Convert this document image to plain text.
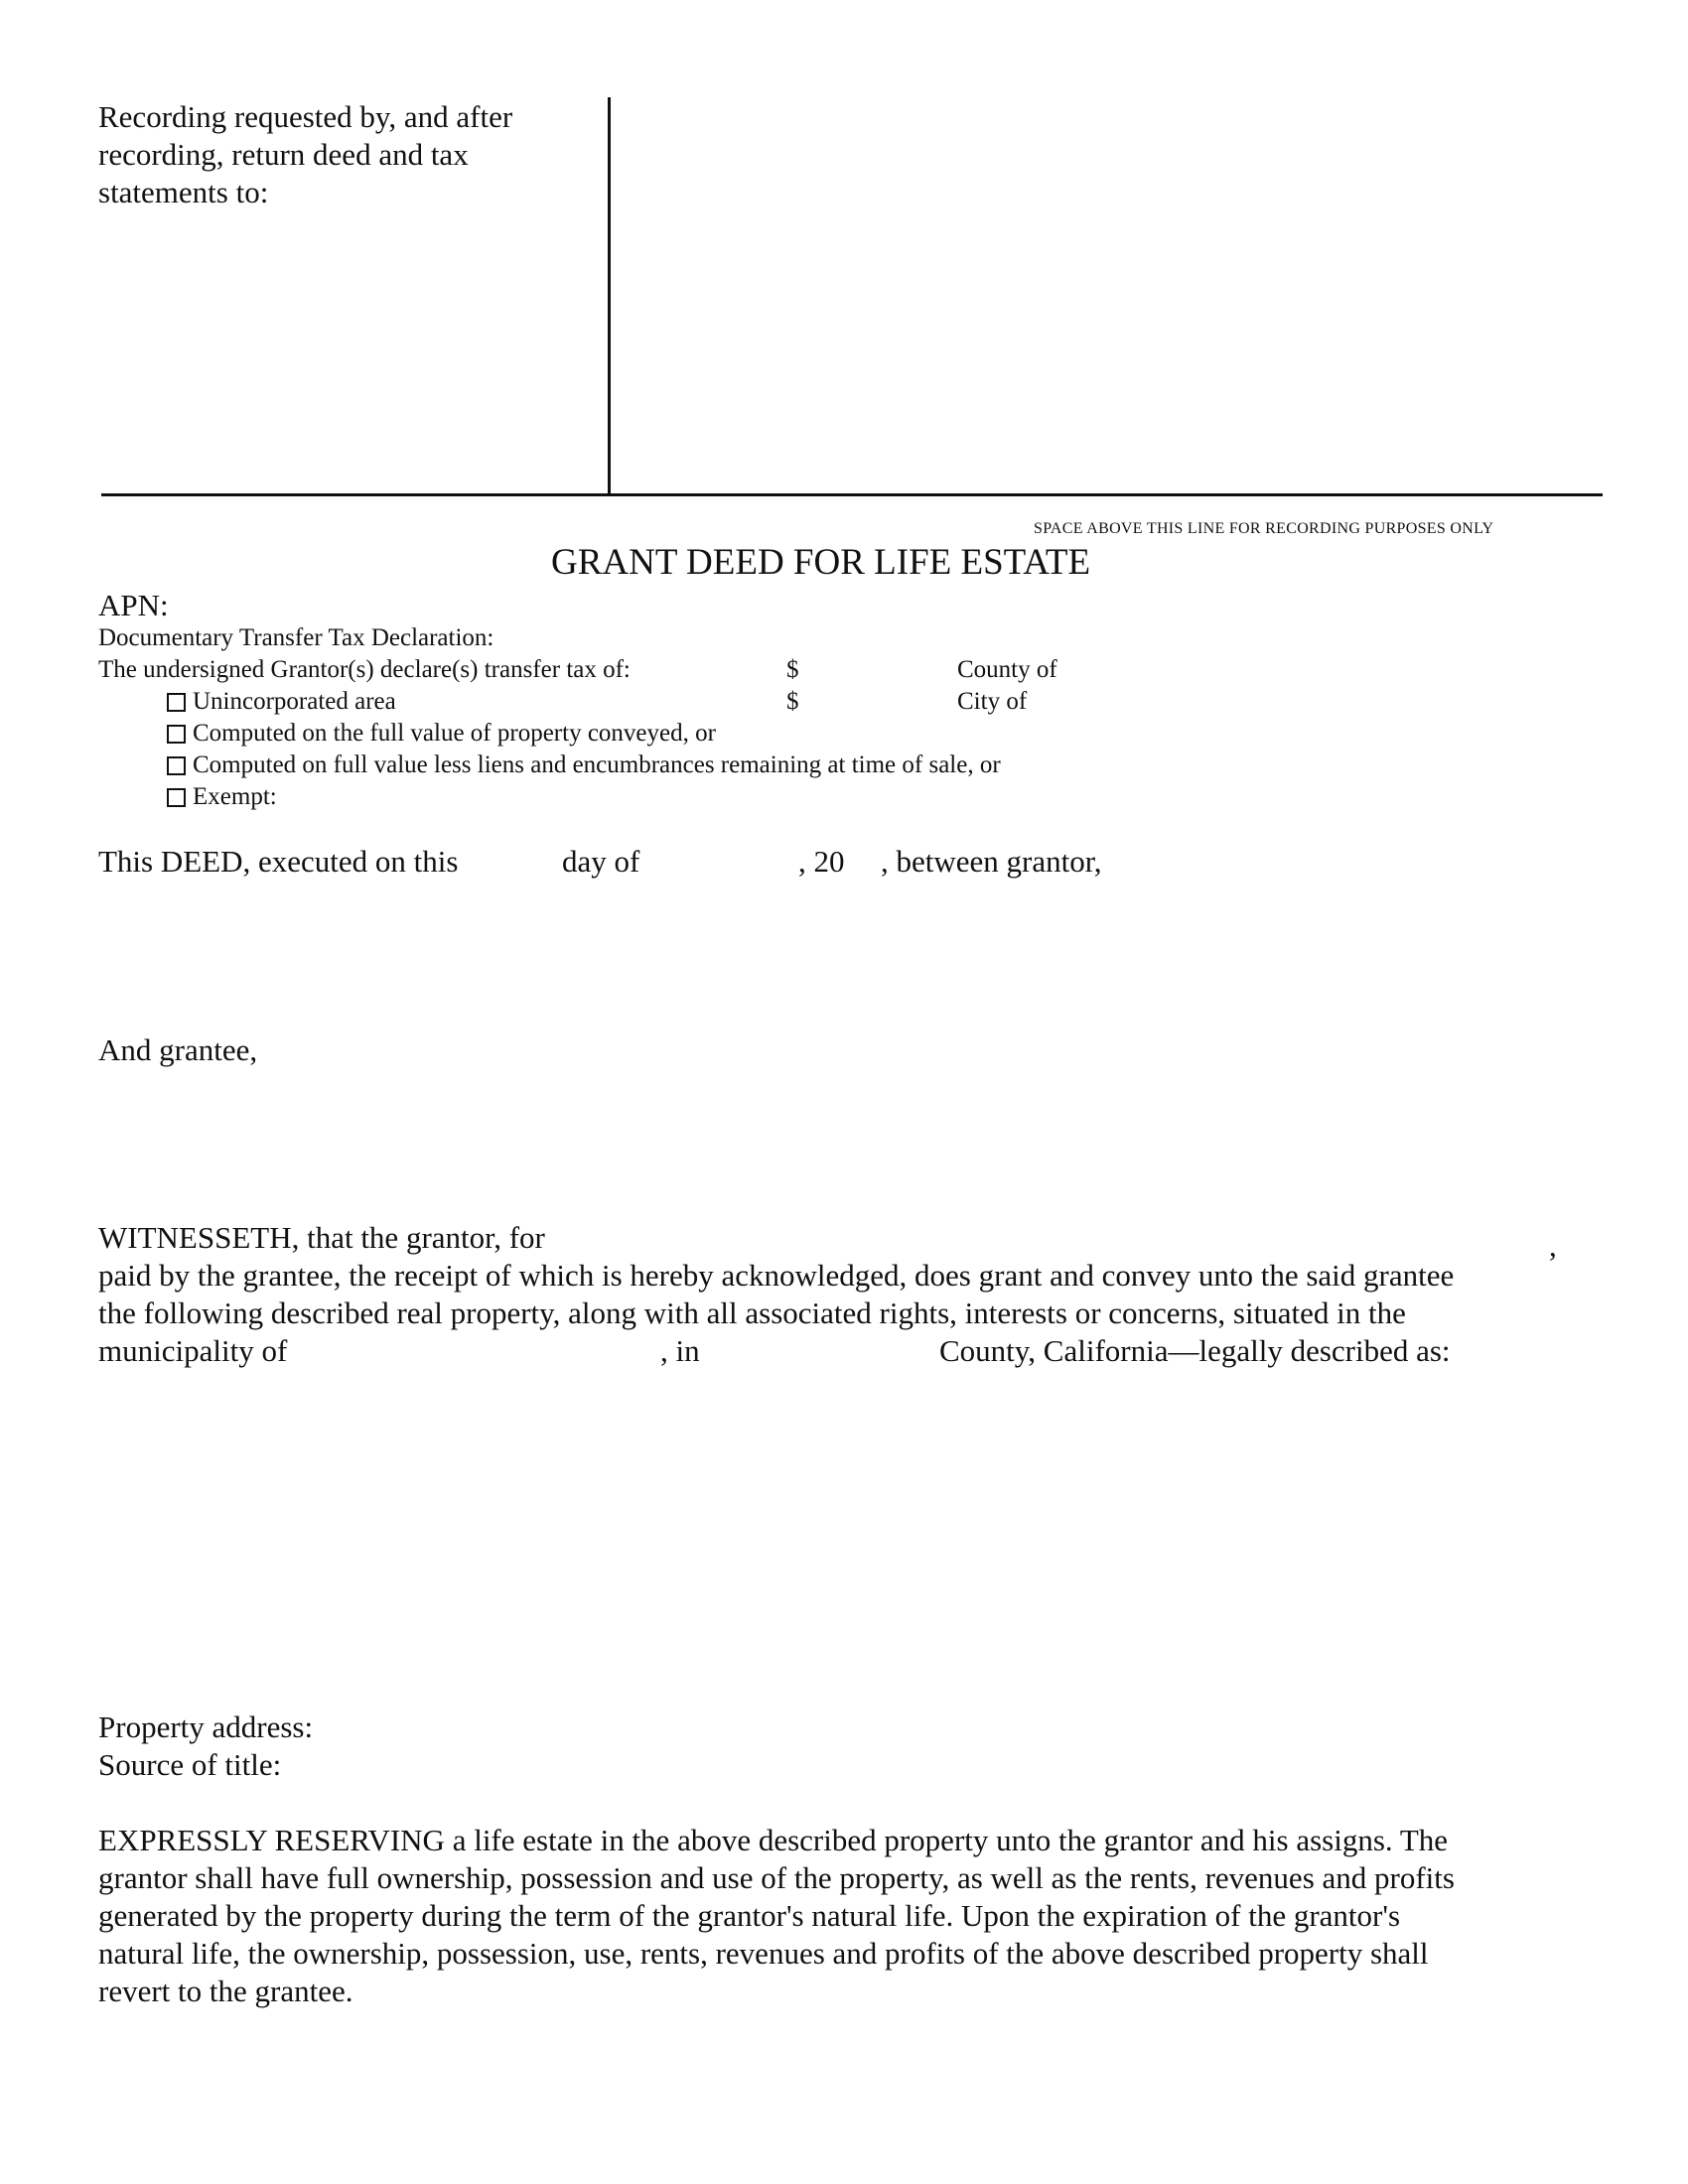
Recording requested by, and after
recording, return deed and tax
statements to:
SPACE ABOVE THIS LINE FOR RECORDING PURPOSES ONLY
GRANT DEED FOR LIFE ESTATE
APN:
Documentary Transfer Tax Declaration:
The undersigned Grantor(s) declare(s) transfer tax of:	$	County of
Unincorporated area	$	City of
Computed on the full value of property conveyed, or
Computed on full value less liens and encumbrances remaining at time of sale, or
Exempt:
This DEED, executed on this	day of	, 20 , between grantor,
And grantee,
WITNESSETH, that the grantor, for	,
paid by the grantee, the receipt of which is hereby acknowledged, does grant and convey unto the said grantee
the following described real property, along with all associated rights, interests or concerns, situated in the
municipality of	, in	County, California—legally described as:
Property address:
Source of title:
EXPRESSLY RESERVING a life estate in the above described property unto the grantor and his assigns. The
grantor shall have full ownership, possession and use of the property, as well as the rents, revenues and profits
generated by the property during the term of the grantor's natural life. Upon the expiration of the grantor's
natural life, the ownership, possession, use, rents, revenues and profits of the above described property shall
revert to the grantee.
